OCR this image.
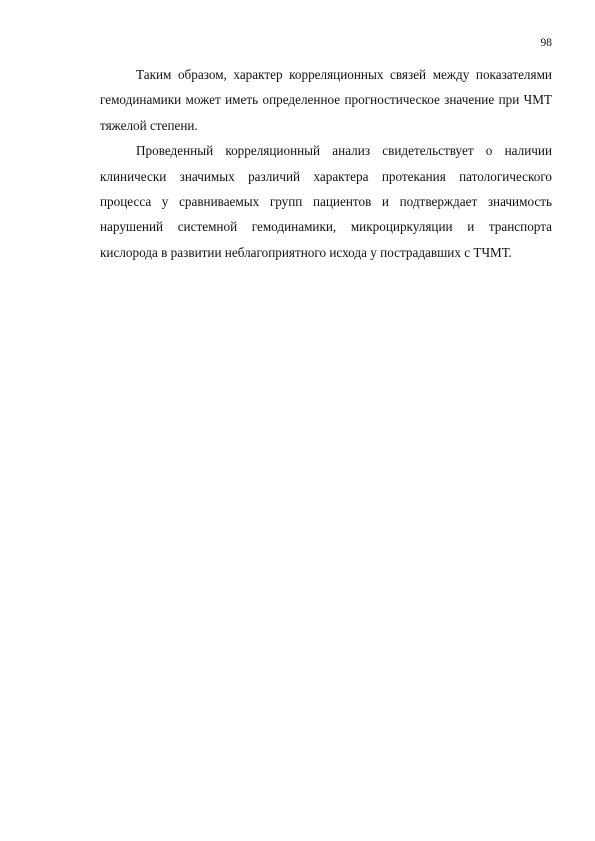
98

Таким образом, характер корреляционных связей между показателями гемодинамики может иметь определенное прогностическое значение при ЧМТ тяжелой степени.

Проведенный корреляционный анализ свидетельствует о наличии клинически значимых различий характера протекания патологического процесса у сравниваемых групп пациентов и подтверждает значимость нарушений системной гемодинамики, микроциркуляции и транспорта кислорода в развитии неблагоприятного исхода у пострадавших с ТЧМТ.
